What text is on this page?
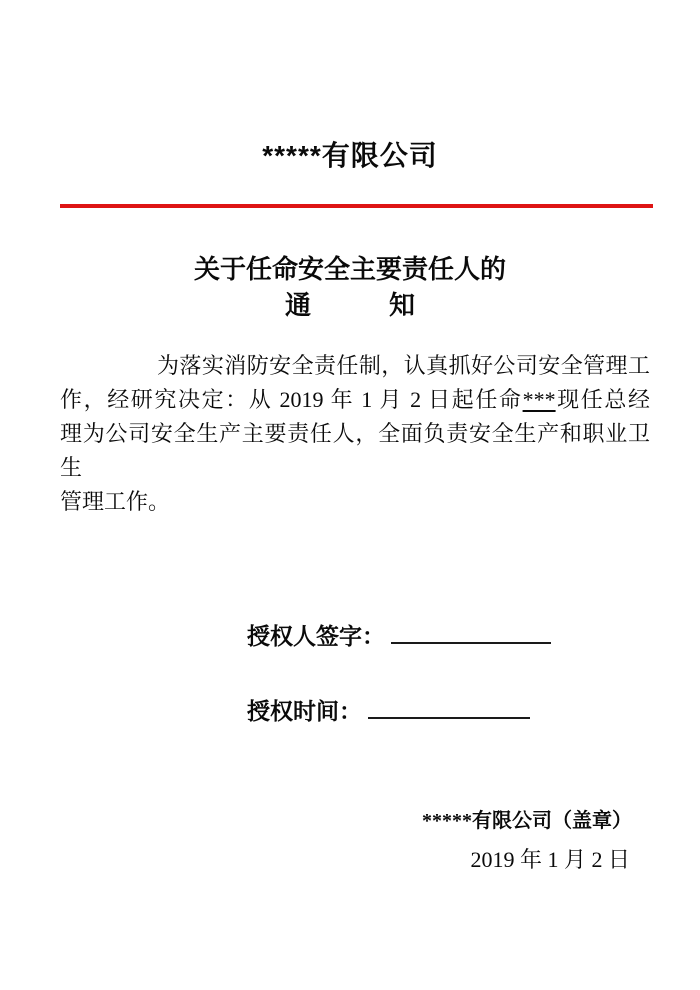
*****有限公司
关于任命安全主要责任人的
通　　　知
为落实消防安全责任制，认真抓好公司安全管理工
作，经研究决定：从 2019 年 1 月 2 日起任命***现任总经
理为公司安全生产主要责任人，全面负责安全生产和职业卫生
管理工作。
授权人签字：
授权时间：
*****有限公司（盖章）
2019 年 1 月 2 日
